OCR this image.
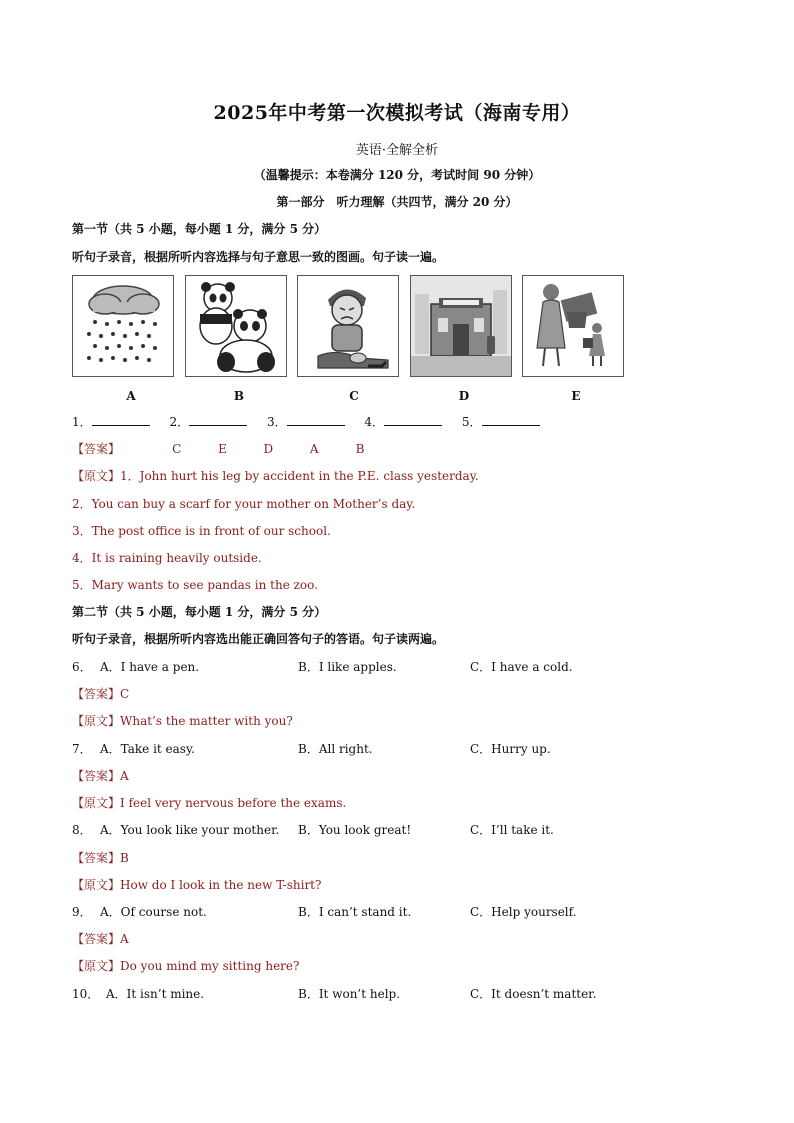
2025年中考第一次模拟考试（海南专用）
英语·全解全析
（温馨提示：本卷满分 120 分，考试时间 90 分钟）
第一部分　听力理解（共四节，满分 20 分）
第一节（共 5 小题，每小题 1 分，满分 5 分）
听句子录音，根据所听内容选择与句子意思一致的图画。句子读一遍。
A	B	C	D	E
1．	2．	3．	4．	5．
【答案】	C	E	D	A	B
【原文】1．John hurt his leg by accident in the P.E. class yesterday.
2．You can buy a scarf for your mother on Mother’s day.
3．The post office is in front of our school.
4．It is raining heavily outside.
5．Mary wants to see pandas in the zoo.
第二节（共 5 小题，每小题 1 分，满分 5 分）
听句子录音，根据所听内容选出能正确回答句子的答语。句子读两遍。
6． A．I have a pen.	B．I like apples.	C．I have a cold.
【答案】C
【原文】What’s the matter with you?
7． A．Take it easy.	B．All right.	C．Hurry up.
【答案】A
【原文】I feel very nervous before the exams.
8． A．You look like your mother. B．You look great!	C．I’ll take it.
【答案】B
【原文】How do I look in the new T-shirt?
9． A．Of course not.	B．I can’t stand it.	C．Help yourself.
【答案】A
【原文】Do you mind my sitting here?
10． A．It isn’t mine.	B．It won’t help.	C．It doesn’t matter.
